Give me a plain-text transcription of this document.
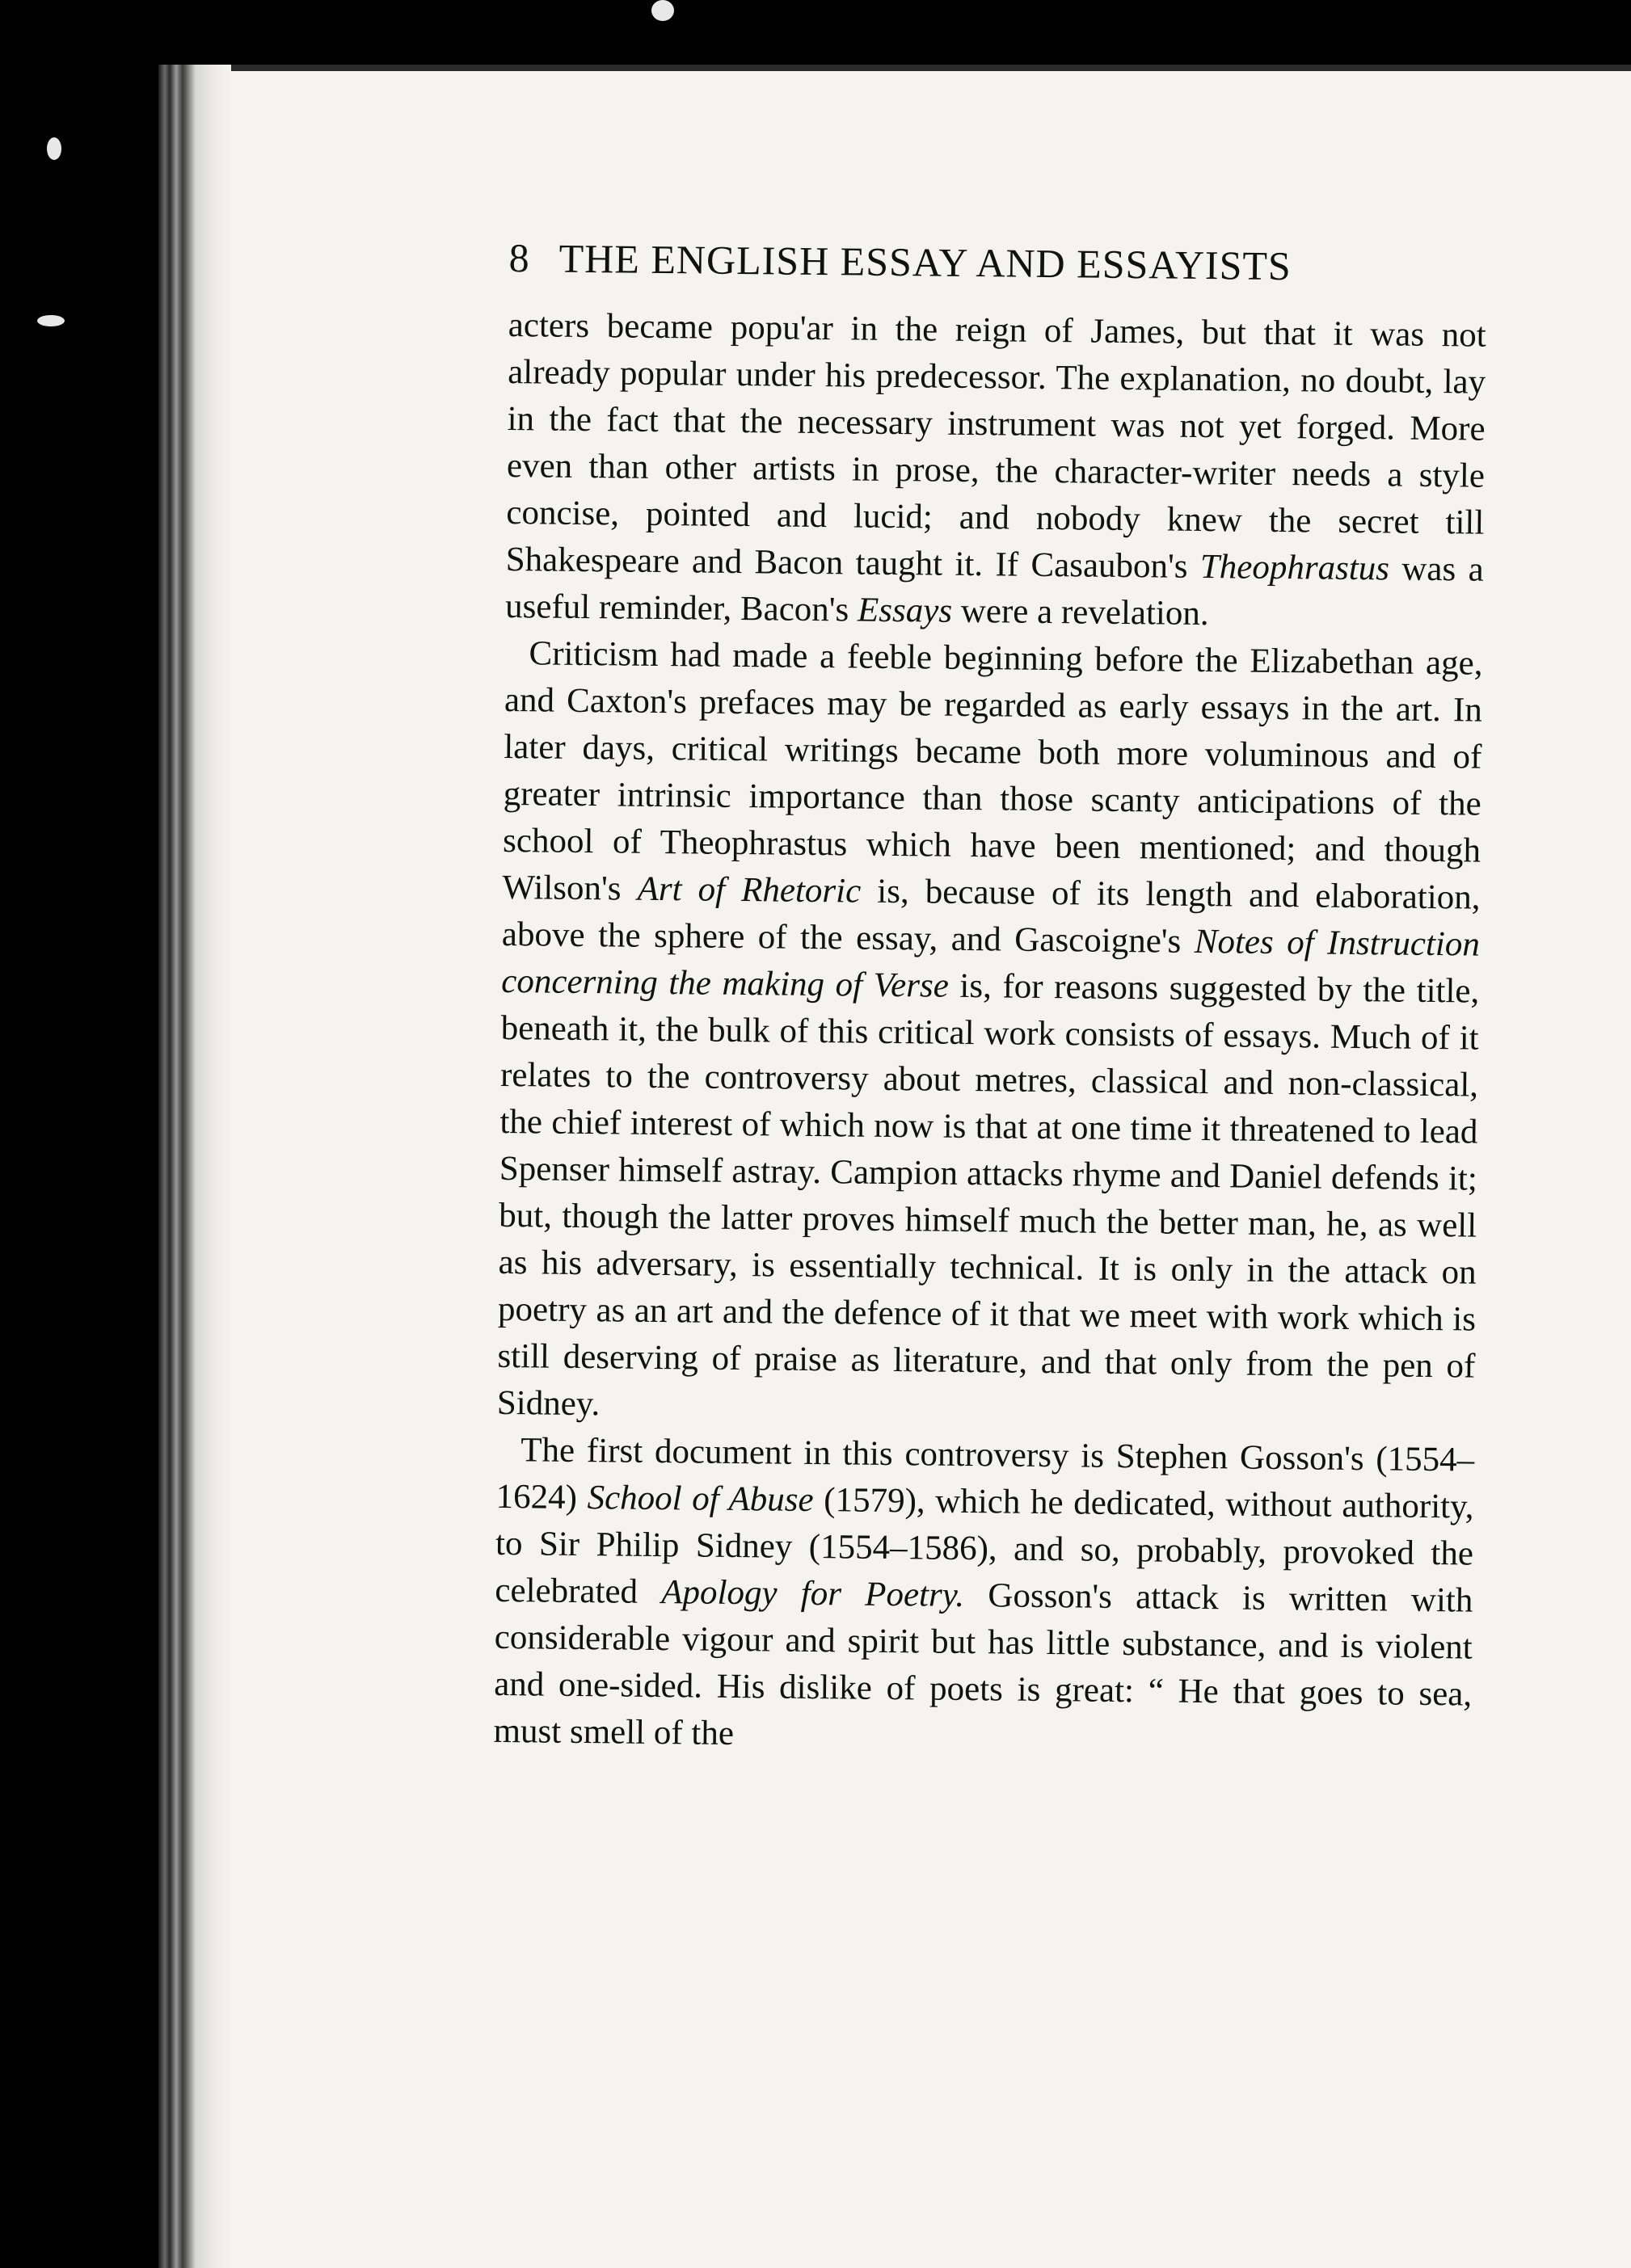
8 THE ENGLISH ESSAY AND ESSAYISTS

acters became popu'ar in the reign of James, but that it was not already popular under his predecessor. The explanation, no doubt, lay in the fact that the necessary instrument was not yet forged. More even than other artists in prose, the character-writer needs a style concise, pointed and lucid; and nobody knew the secret till Shakespeare and Bacon taught it. If Casaubon's Theophrastus was a useful reminder, Bacon's Essays were a revelation.

Criticism had made a feeble beginning before the Elizabethan age, and Caxton's prefaces may be regarded as early essays in the art. In later days, critical writings became both more voluminous and of greater intrinsic importance than those scanty anticipations of the school of Theophrastus which have been mentioned; and though Wilson's Art of Rhetoric is, because of its length and elaboration, above the sphere of the essay, and Gascoigne's Notes of Instruction concerning the making of Verse is, for reasons suggested by the title, beneath it, the bulk of this critical work consists of essays. Much of it relates to the controversy about metres, classical and non-classical, the chief interest of which now is that at one time it threatened to lead Spenser himself astray. Campion attacks rhyme and Daniel defends it; but, though the latter proves himself much the better man, he, as well as his adversary, is essentially technical. It is only in the attack on poetry as an art and the defence of it that we meet with work which is still deserving of praise as literature, and that only from the pen of Sidney.

The first document in this controversy is Stephen Gosson's (1554–1624) School of Abuse (1579), which he dedicated, without authority, to Sir Philip Sidney (1554–1586), and so, probably, provoked the celebrated Apology for Poetry. Gosson's attack is written with considerable vigour and spirit but has little substance, and is violent and one-sided. His dislike of poets is great: “ He that goes to sea, must smell of the
